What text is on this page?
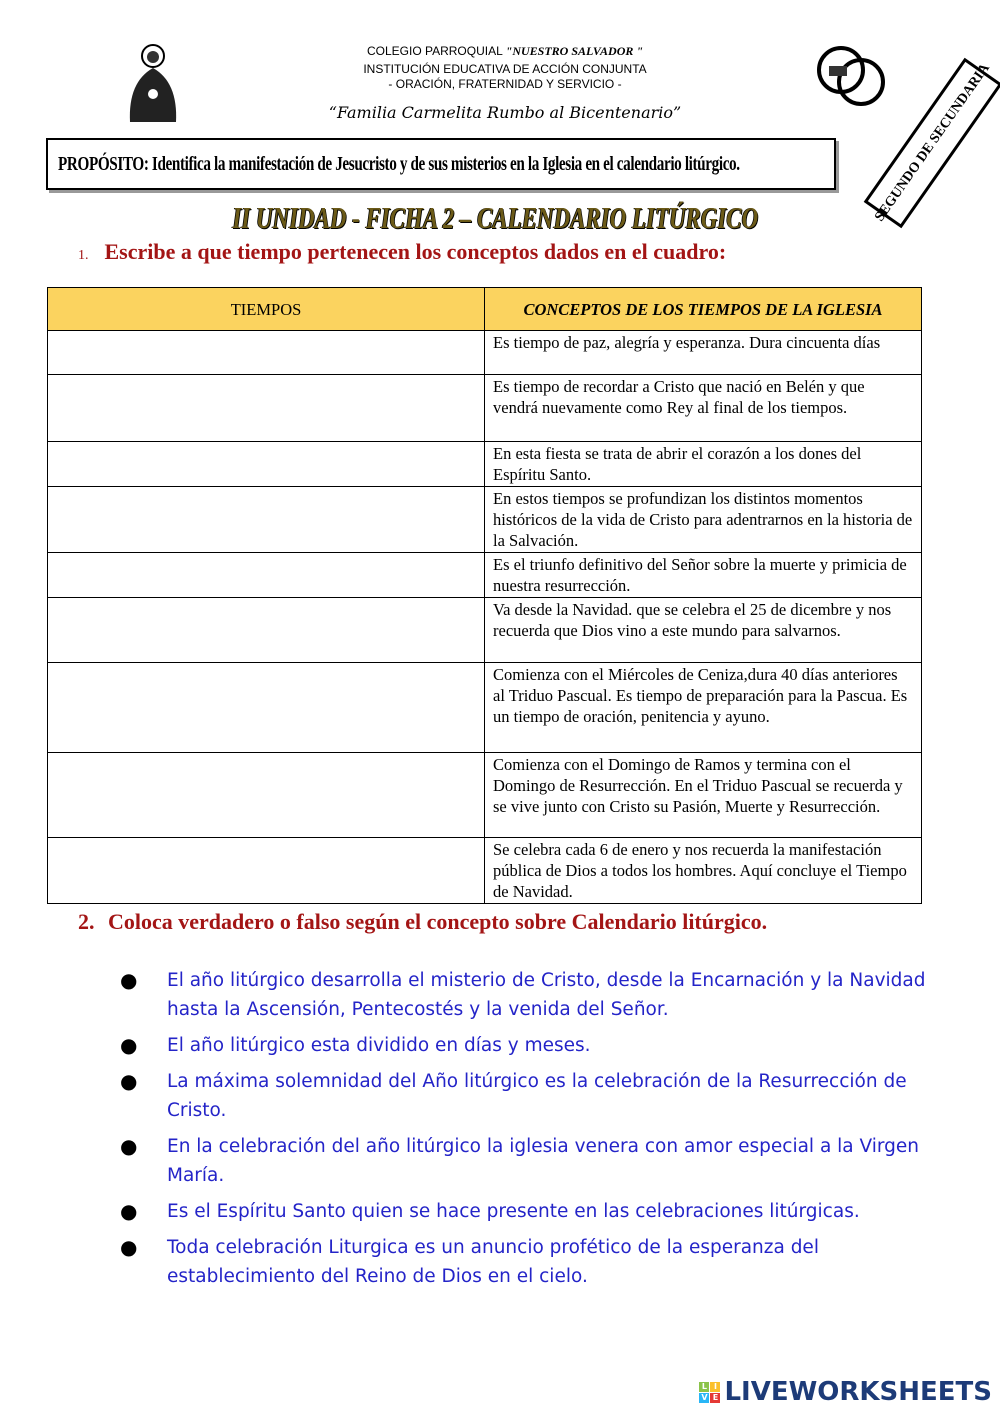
COLEGIO PARROQUIAL "NUESTRO SALVADOR "
INSTITUCIÓN EDUCATIVA DE ACCIÓN CONJUNTA
- ORACIÓN, FRATERNIDAD Y SERVICIO -
“Familia Carmelita Rumbo al Bicentenario”
PROPÓSITO: Identifica la manifestación de Jesucristo y de sus misterios en la Iglesia en el calendario litúrgico.	SEGUNDO DE SECUNDARIA
II UNIDAD - FICHA 2 – CALENDARIO LITÚRGICO
1. Escribe a que tiempo pertenecen los conceptos dados en el cuadro:
TIEMPOS	CONCEPTOS DE LOS TIEMPOS DE LA IGLESIA
	Es tiempo de paz, alegría y esperanza. Dura cincuenta días
	Es tiempo de recordar a Cristo que nació en Belén y que vendrá nuevamente como Rey al final de los tiempos.
	En esta fiesta se trata de abrir el corazón a los dones del Espíritu Santo.
	En estos tiempos se profundizan los distintos momentos históricos de la vida de Cristo para adentrarnos en la historia de la Salvación.
	Es el triunfo definitivo del Señor sobre la muerte y primicia de nuestra resurrección.
	Va desde la Navidad. que se celebra el 25 de dicembre y nos recuerda que Dios vino a este mundo para salvarnos.
	Comienza con el Miércoles de Ceniza,dura 40 días anteriores al Triduo Pascual. Es tiempo de preparación para la Pascua. Es un tiempo de oración, penitencia y ayuno.
	Comienza con el Domingo de Ramos y termina con el Domingo de Resurrección. En el Triduo Pascual se recuerda y se vive junto con Cristo su Pasión, Muerte y Resurrección.
	Se celebra cada 6 de enero y nos recuerda la manifestación pública de Dios a todos los hombres. Aquí concluye el Tiempo de Navidad.
2. Coloca verdadero o falso según el concepto sobre Calendario litúrgico.
● El año litúrgico desarrolla el misterio de Cristo, desde la Encarnación y la Navidad hasta la Ascensión, Pentecostés y la venida del Señor.
● El año litúrgico esta dividido en días y meses.
● La máxima solemnidad del Año litúrgico es la celebración de la Resurrección de Cristo.
● En la celebración del año litúrgico la iglesia venera con amor especial a la Virgen María.
● Es el Espíritu Santo quien se hace presente en las celebraciones litúrgicas.
● Toda celebración Liturgica es un anuncio profético de la esperanza del establecimiento del Reino de Dios en el cielo.
L I
V E LIVEWORKSHEETS
